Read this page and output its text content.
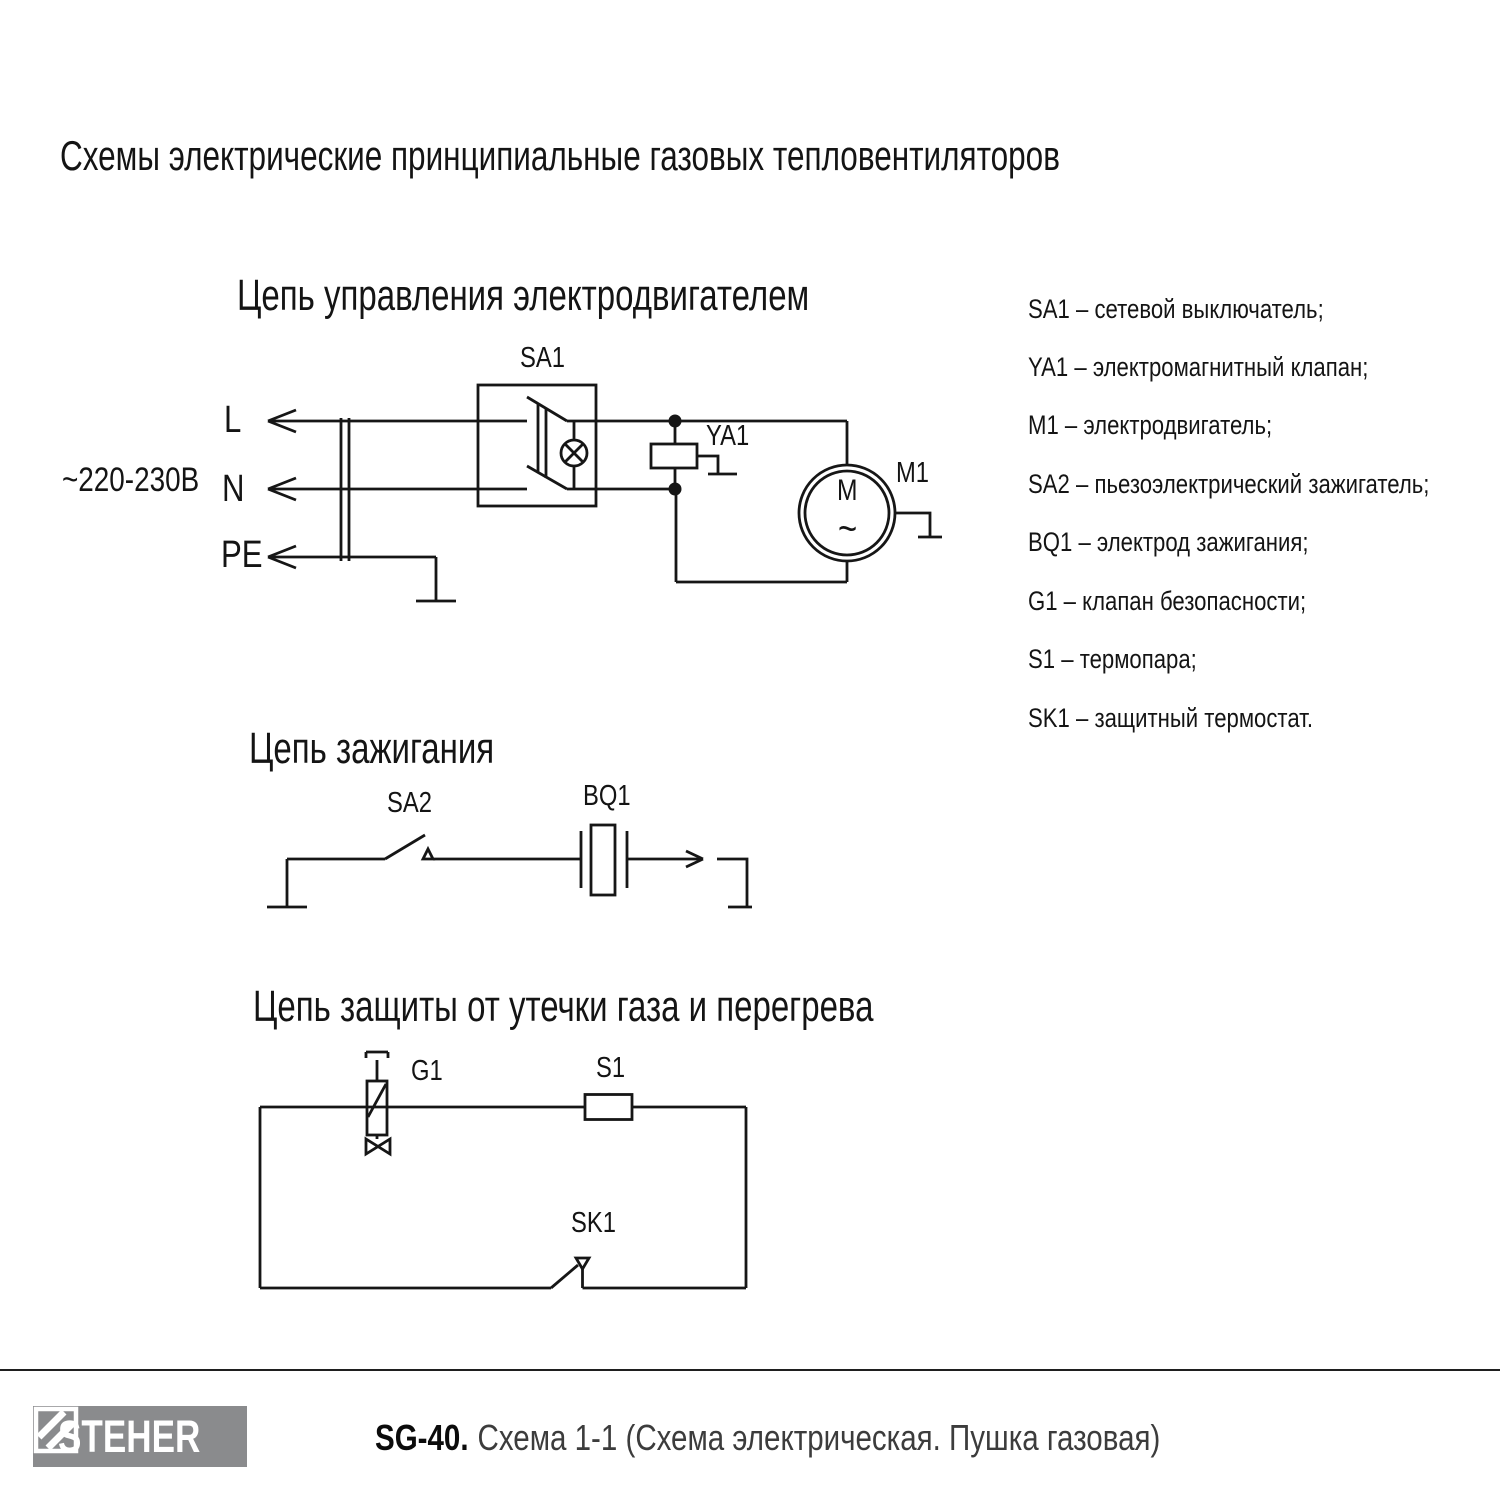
Схемы электрические принципиальные газовых тепловентиляторов
Цепь управления электродвигателем
Цепь зажигания
Цепь защиты от утечки газа и перегрева
~220-230В
L
N
PE
SA1
YA1
M1
M
~
SA2	BQ1
G1	S1
SK1
SA1 – сетевой выключатель;
YA1 – электромагнитный клапан;
M1 – электродвигатель;
SA2 – пьезоэлектрический зажигатель;
BQ1 – электрод зажигания;
G1 – клапан безопасности;
S1 – термопара;
SK1 – защитный термостат.
STEHER	SG-40. Схема 1-1 (Схема электрическая. Пушка газовая)
